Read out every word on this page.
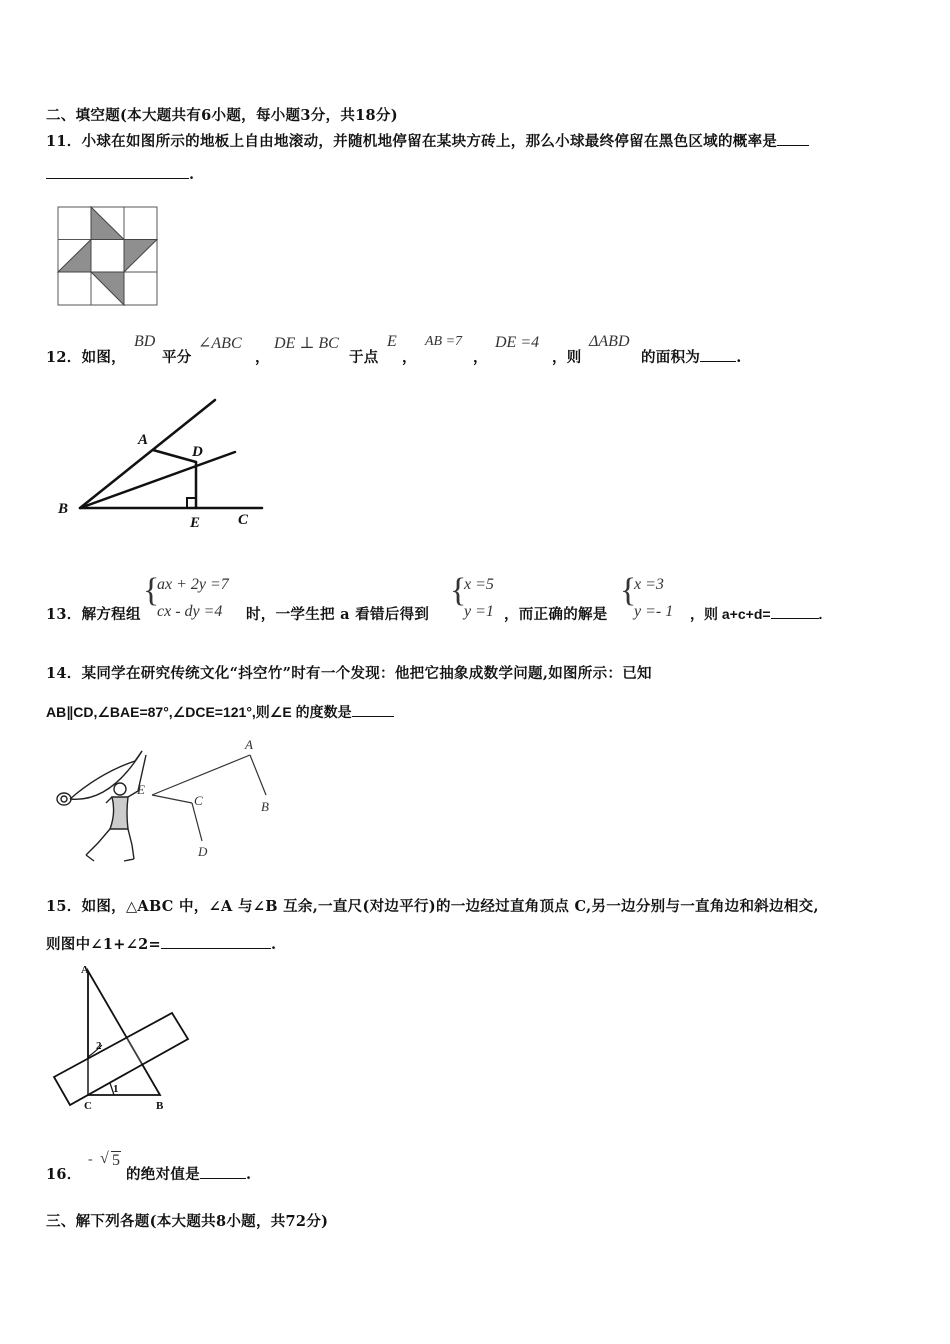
二、填空题(本大题共有6小题，每小题3分，共18分)
11．小球在如图所示的地板上自由地滚动，并随机地停留在某块方砖上，那么小球最终停留在黑色区域的概率是
.
12．如图，
BD
平分
∠ABC
，
DE ⊥ BC
于点
E
，
AB =7
，
DE =4
，则
ΔABD
的面积为 .
A
D
B
E	C
13．解方程组
{
ax + 2y =7
cx - dy =4 时，一学生把 a 看错后得到
{
x =5
y =1 ，而正确的解是
{
x =3
y =- 1 ，则 a+c+d=	.
14．某同学在研究传统文化“抖空竹”时有一个发现：他把它抽象成数学问题,如图所示：已知
AB∥CD,∠BAE=87°,∠DCE=121°,则∠E 的度数是
E
A
B
C
D
15．如图，△ABC 中，∠A 与∠B 互余,一直尺(对边平行)的一边经过直角顶点 C,另一边分别与一直角边和斜边相交,
则图中∠1+∠2=	.
A
C	B
2
1
16．
- √ 5
的绝对值是	.
三、解下列各题(本大题共8小题，共72分)
